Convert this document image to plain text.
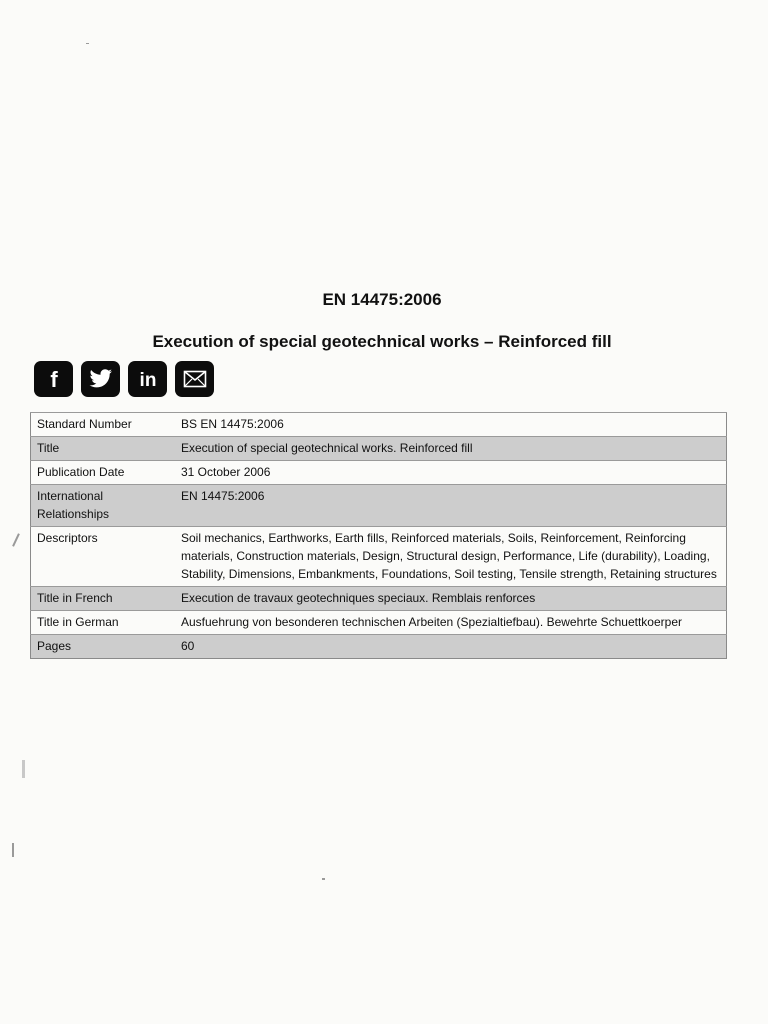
EN 14475:2006
Execution of special geotechnical works – Reinforced fill
f	in
Standard Number	BS EN 14475:2006
Title	Execution of special geotechnical works. Reinforced fill
Publication Date	31 October 2006
International Relationships	EN 14475:2006
Descriptors	Soil mechanics, Earthworks, Earth fills, Reinforced materials, Soils, Reinforcement, Reinforcing materials, Construction materials, Design, Structural design, Performance, Life (durability), Loading, Stability, Dimensions, Embankments, Foundations, Soil testing, Tensile strength, Retaining structures
Title in French	Execution de travaux geotechniques speciaux. Remblais renforces
Title in German	Ausfuehrung von besonderen technischen Arbeiten (Spezialtiefbau). Bewehrte Schuettkoerper
Pages	60
